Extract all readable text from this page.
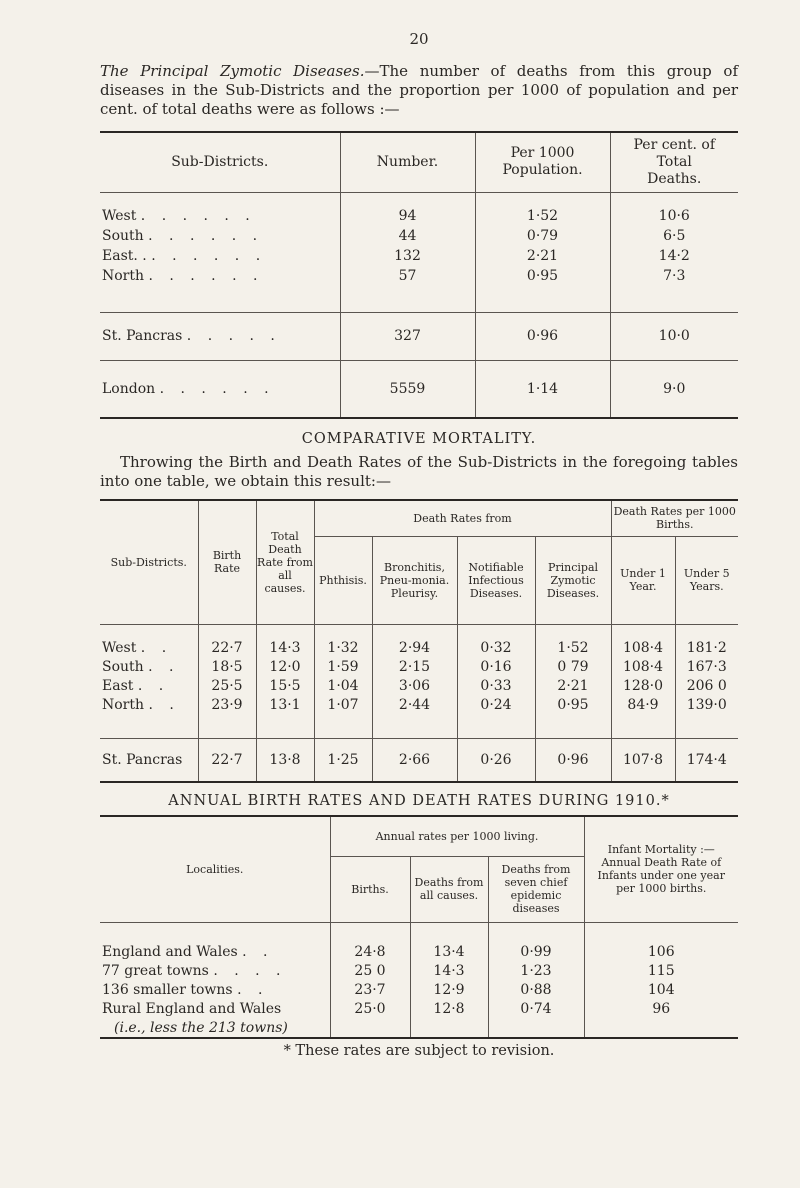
20

The Principal Zymotic Diseases.—The number of deaths from this group of diseases in the Sub-Districts and the proportion per 1000 of population and per cent. of total deaths were as follows :—

Sub-Districts.	Number.	Per 1000 Population.	Per cent. of Total Deaths.

West . . . . . .	94	1·52	10·6
South . . . . . .	44	0·79	6·5
East. . . . . . . .	132	2·21	14·2
North . . . . . .	57	0·95	7·3

St. Pancras . . . . .	327	0·96	10·0
London . . . . . .	5559	1·14	9·0
COMPARATIVE MORTALITY.

Throwing the Birth and Death Rates of the Sub-Districts in the foregoing tables into one table, we obtain this result:—

Sub-Districts.	Birth Rate	Total Death Rate from all causes.	Death Rates from				Death Rates per 1000 Births.	
			Phthisis.	Bronchitis, Pneu-monia. Pleurisy.	Notifiable Infectious Diseases.	Principal Zymotic Diseases.	Under 1 Year.	Under 5 Years.

West . .	22·7	14·3	1·32	2·94	0·32	1·52	108·4	181·2
South . .	18·5	12·0	1·59	2·15	0·16	0 79	108·4	167·3
East . .	25·5	15·5	1·04	3·06	0·33	2·21	128·0	206 0
North . .	23·9	13·1	1·07	2·44	0·24	0·95	84·9	139·0

St. Pancras	22·7	13·8	1·25	2·66	0·26	0·96	107·8	174·4
ANNUAL BIRTH RATES AND DEATH RATES DURING 1910.*
Localities.	Annual rates per 1000 living.			Infant Mortality :— Annual Death Rate of Infants under one year per 1000 births.
	Births.	Deaths from all causes.	Deaths from seven chief epidemic diseases	

England and Wales . .	24·8	13·4	0·99	106
77 great towns . . . .	25 0	14·3	1·23	115
136 smaller towns . .	23·7	12·9	0·88	104
Rural England and Wales	25·0	12·8	0·74	96
(i.e., less the 213 towns)				
* These rates are subject to revision.
